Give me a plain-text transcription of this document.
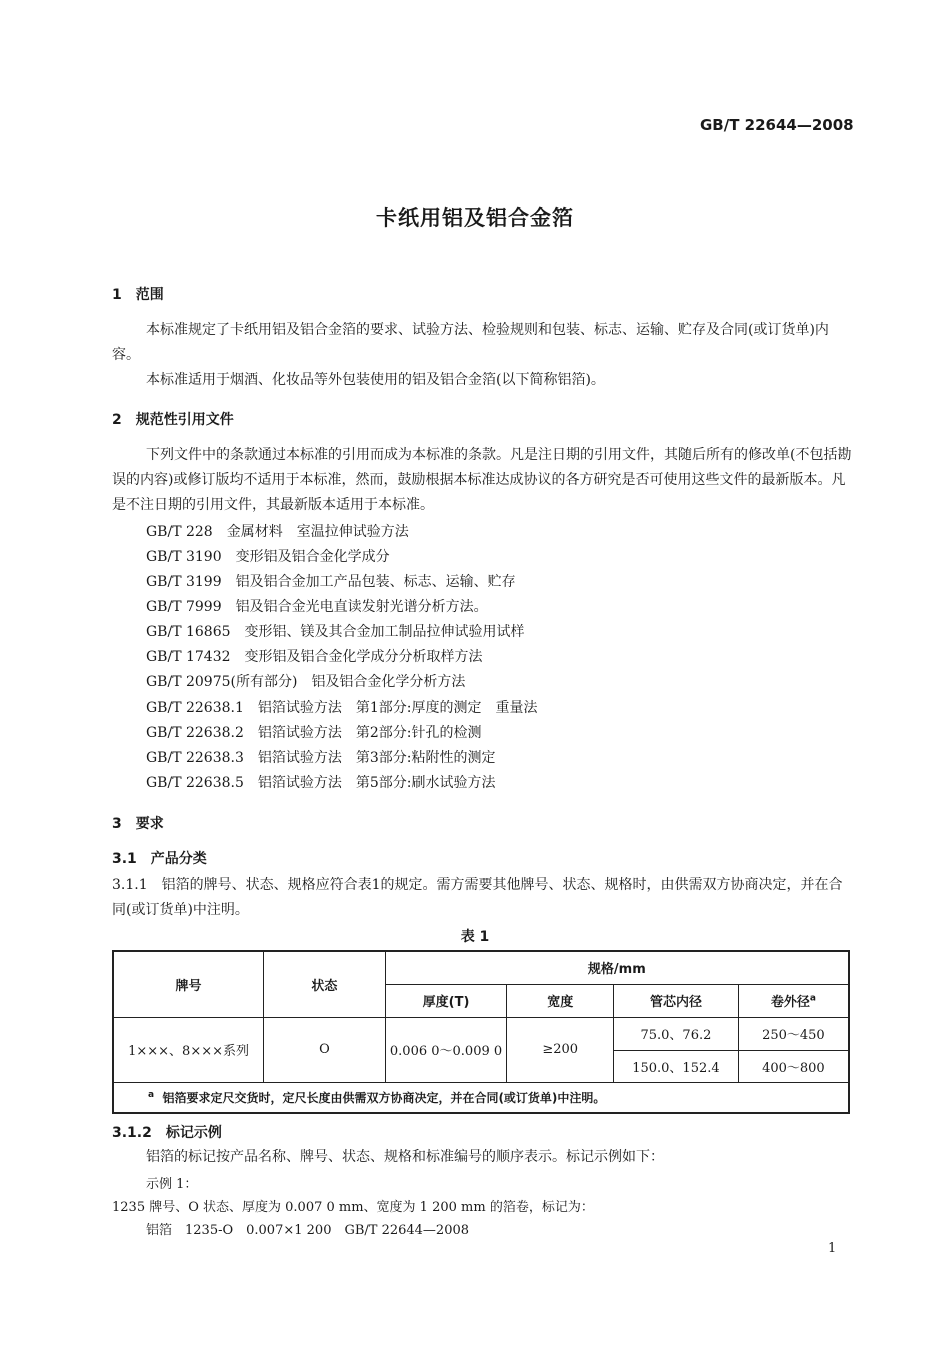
GB/T 22644—2008
卡纸用铝及铝合金箔
1　范围
本标准规定了卡纸用铝及铝合金箔的要求、试验方法、检验规则和包装、标志、运输、贮存及合同(或订货单)内容。
本标准适用于烟酒、化妆品等外包装使用的铝及铝合金箔(以下简称铝箔)。
2　规范性引用文件
下列文件中的条款通过本标准的引用而成为本标准的条款。凡是注日期的引用文件，其随后所有的修改单(不包括勘误的内容)或修订版均不适用于本标准，然而，鼓励根据本标准达成协议的各方研究是否可使用这些文件的最新版本。凡是不注日期的引用文件，其最新版本适用于本标准。
GB/T 228　 金属材料　室温拉伸试验方法
GB/T 3190　 变形铝及铝合金化学成分
GB/T 3199　 铝及铝合金加工产品包装、标志、运输、贮存
GB/T 7999　 铝及铝合金光电直读发射光谱分析方法。
GB/T 16865　 变形铝、镁及其合金加工制品拉伸试验用试样
GB/T 17432　 变形铝及铝合金化学成分分析取样方法
GB/T 20975(所有部分)　 铝及铝合金化学分析方法
GB/T 22638.1　 铝箔试验方法　第1部分:厚度的测定　重量法
GB/T 22638.2　 铝箔试验方法　第2部分:针孔的检测
GB/T 22638.3　 铝箔试验方法　第3部分:粘附性的测定
GB/T 22638.5　 铝箔试验方法　第5部分:刷水试验方法
3　要求
3.1　产品分类
3.1.1　铝箔的牌号、状态、规格应符合表1的规定。需方需要其他牌号、状态、规格时，由供需双方协商决定，并在合同(或订货单)中注明。
表 1
牌号	状态	规格/mm			
		厚度(T)	宽度	管芯内径	卷外径$^a$
1×××、8×××系列	O	0.006 0～0.009 0	≥200	75.0、76.2	250～450
				150.0、152.4	400～800
$^a$ 铝箔要求定尺交货时，定尺长度由供需双方协商决定，并在合同(或订货单)中注明。					
3.1.2　标记示例
铝箔的标记按产品名称、牌号、状态、规格和标准编号的顺序表示。标记示例如下：
示例 1：
1235 牌号、O 状态、厚度为 0.007 0 mm、宽度为 1 200 mm 的箔卷，标记为：
铝箔　1235-O　0.007×1 200　GB/T 22644—2008
1
